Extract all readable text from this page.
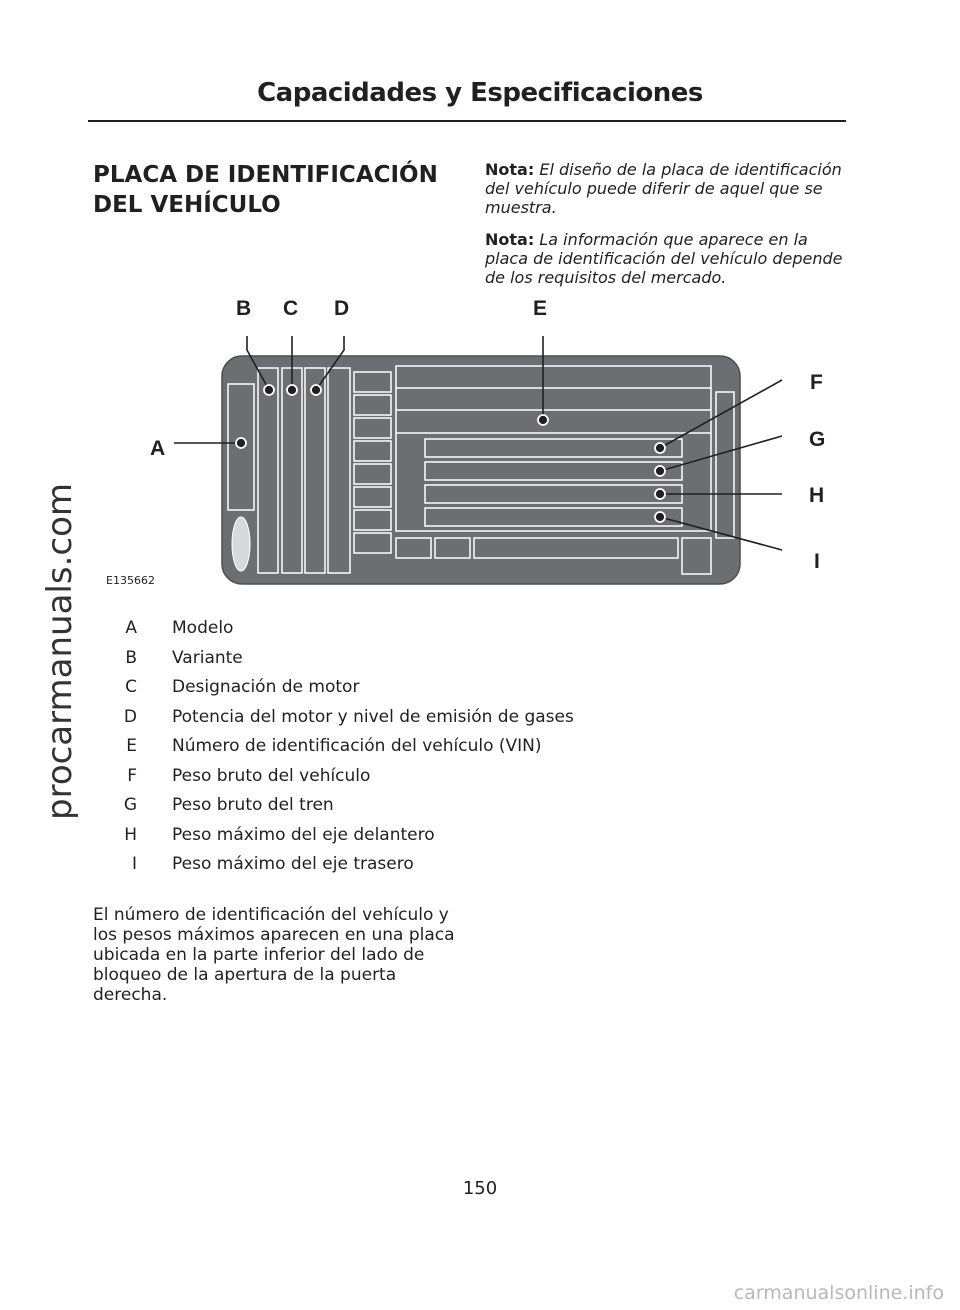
Capacidades y Especificaciones
procarmanuals.com
PLACA DE IDENTIFICACIÓN
DEL VEHÍCULO
Nota: El diseño de la placa de identificación del vehículo puede diferir de aquel que se muestra.
Nota: La información que aparece en la placa de identificación del vehículo depende de los requisitos del mercado.
A
B C D	E
F
G
H
I
E135662
A Modelo
B Variante
C Designación de motor
D Potencia del motor y nivel de emisión de gases
E Número de identificación del vehículo (VIN)
F Peso bruto del vehículo
G Peso bruto del tren
H Peso máximo del eje delantero
I Peso máximo del eje trasero
El número de identificación del vehículo y los pesos máximos aparecen en una placa ubicada en la parte inferior del lado de bloqueo de la apertura de la puerta derecha.
150
carmanualsonline.info
